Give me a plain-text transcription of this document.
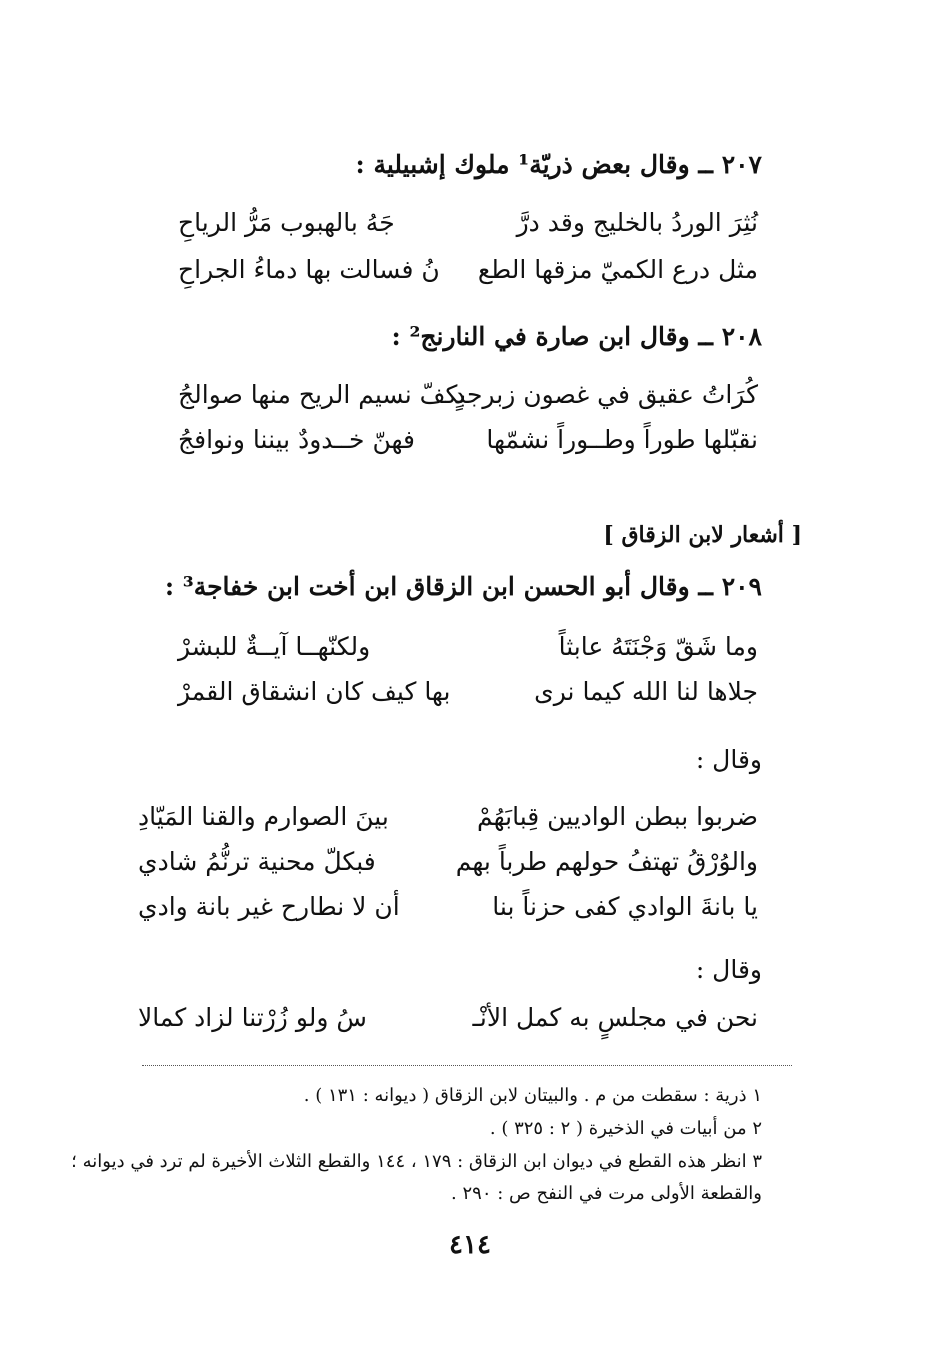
٢٠٧ ــ وقال بعض ذريّة¹ ملوك إشبيلية :
نُثِرَ الوردُ بالخليج وقد درَّ
جَهُ بالهبوب مَرُّ الرياحِ
مثل درع الكميّ مزقها الطع
نُ فسالت بها دماءُ الجراحِ
٢٠٨ ــ وقال ابن صارة في النارنج² :
كُرَاتُ عقيق في غصون زبرجدٍ
بكفّ نسيم الريح منها صوالجُ
نقبّلها طوراً وطــوراً نشمّها
فهنّ خــدودٌ بيننا ونوافجُ
[ أشعار لابن الزقاق ]
٢٠٩ ــ وقال أبو الحسن ابن الزقاق ابن أخت ابن خفاجة³ :
وما شَقّ وَجْنَتَهُ عابثاً
ولكنّهــا آيــةٌ للبشرْ
جلاها لنا الله كيما نرى
بها كيف كان انشقاق القمرْ
وقال :
ضربوا ببطن الواديين قِبابَهُمْ
بينَ الصوارم والقنا المَيّادِ
والوُرْقُ تهتفُ حولهم طرباً بهم
فبكلّ محنية ترنُّمُ شادي
يا بانةَ الوادي كفى حزناً بنا
أن لا نطارح غير بانة وادي
وقال :
نحن في مجلسٍ به كمل الأنْـ
سُ ولو زُرْتنا لزاد كمالا
١ ذرية : سقطت من م . والبيتان لابن الزقاق ( ديوانه : ١٣١ ) .
٢ من أبيات في الذخيرة ( ٢ : ٣٢٥ ) .
٣ انظر هذه القطع في ديوان ابن الزقاق : ١٧٩ ، ١٤٤ والقطع الثلاث الأخيرة لم ترد في ديوانه ؛
والقطعة الأولى مرت في النفح ص : ٢٩٠ .
٤١٤
